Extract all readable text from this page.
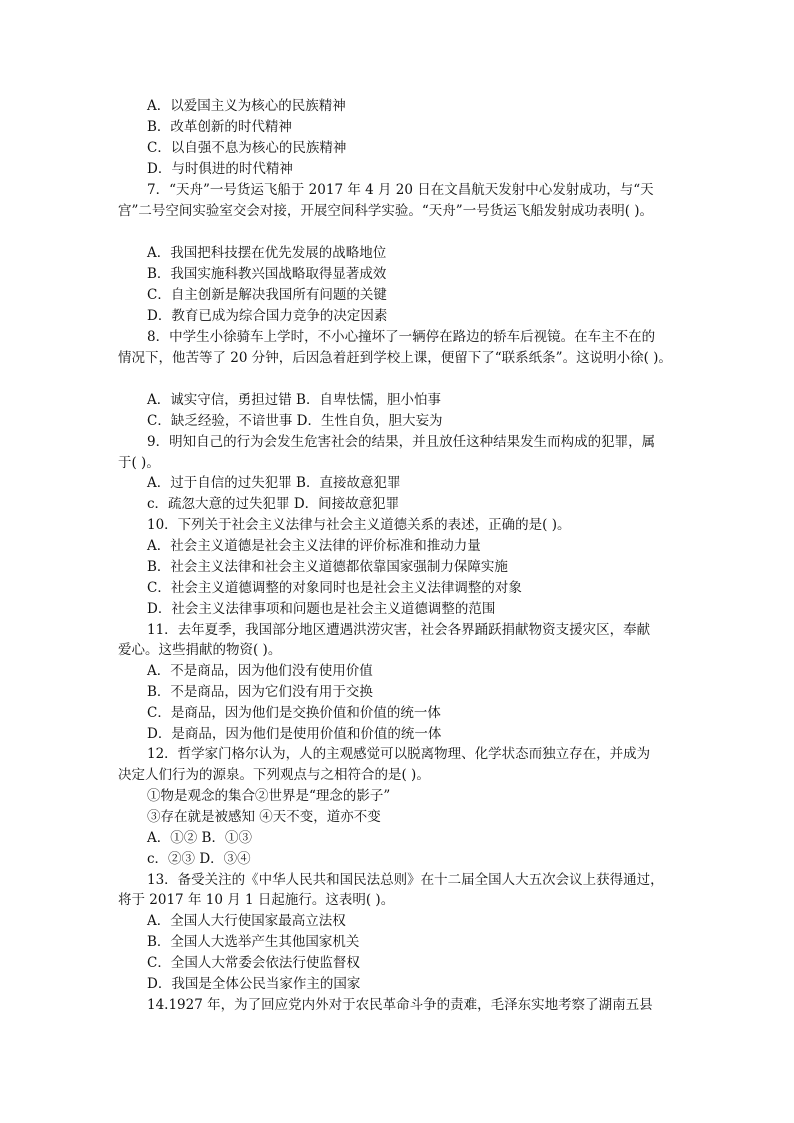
A．以爱国主义为核心的民族精神
B．改革创新的时代精神
C．以自强不息为核心的民族精神
D．与时俱进的时代精神
7．“天舟”一号货运飞船于 2017 年 4 月 20 日在文昌航天发射中心发射成功，与“天
宫”二号空间实验室交会对接，开展空间科学实验。“天舟”一号货运飞船发射成功表明( )。
A．我国把科技摆在优先发展的战略地位
B．我国实施科教兴国战略取得显著成效
C．自主创新是解决我国所有问题的关键
D．教育已成为综合国力竞争的决定因素
8．中学生小徐骑车上学时，不小心撞坏了一辆停在路边的轿车后视镜。在车主不在的
情况下，他苦等了 20 分钟，后因急着赶到学校上课，便留下了“联系纸条”。这说明小徐( )。
A．诚实守信，勇担过错 B．自卑怯懦，胆小怕事
C．缺乏经验，不谙世事 D．生性自负，胆大妄为
9．明知自己的行为会发生危害社会的结果，并且放任这种结果发生而构成的犯罪，属
于( )。
A．过于自信的过失犯罪 B．直接故意犯罪
c．疏忽大意的过失犯罪 D．间接故意犯罪
10．下列关于社会主义法律与社会主义道德关系的表述，正确的是( )。
A．社会主义道德是社会主义法律的评价标准和推动力量
B．社会主义法律和社会主义道德都依靠国家强制力保障实施
C．社会主义道德调整的对象同时也是社会主义法律调整的对象
D．社会主义法律事项和问题也是社会主义道德调整的范围
11．去年夏季，我国部分地区遭遇洪涝灾害，社会各界踊跃捐献物资支援灾区，奉献
爱心。这些捐献的物资( )。
A．不是商品，因为他们没有使用价值
B．不是商品，因为它们没有用于交换
C．是商品，因为他们是交换价值和价值的统一体
D．是商品，因为他们是使用价值和价值的统一体
12．哲学家门格尔认为，人的主观感觉可以脱离物理、化学状态而独立存在，并成为
决定人们行为的源泉。下列观点与之相符合的是( )。
①物是观念的集合②世界是“理念的影子”
③存在就是被感知 ④天不变，道亦不变
A．①② B．①③
c．②③ D．③④
13．备受关注的《中华人民共和国民法总则》在十二届全国人大五次会议上获得通过，
将于 2017 年 10 月 1 日起施行。这表明( )。
A．全国人大行使国家最高立法权
B．全国人大选举产生其他国家机关
C．全国人大常委会依法行使监督权
D．我国是全体公民当家作主的国家
14.1927 年，为了回应党内外对于农民革命斗争的责难，毛泽东实地考察了湖南五县
